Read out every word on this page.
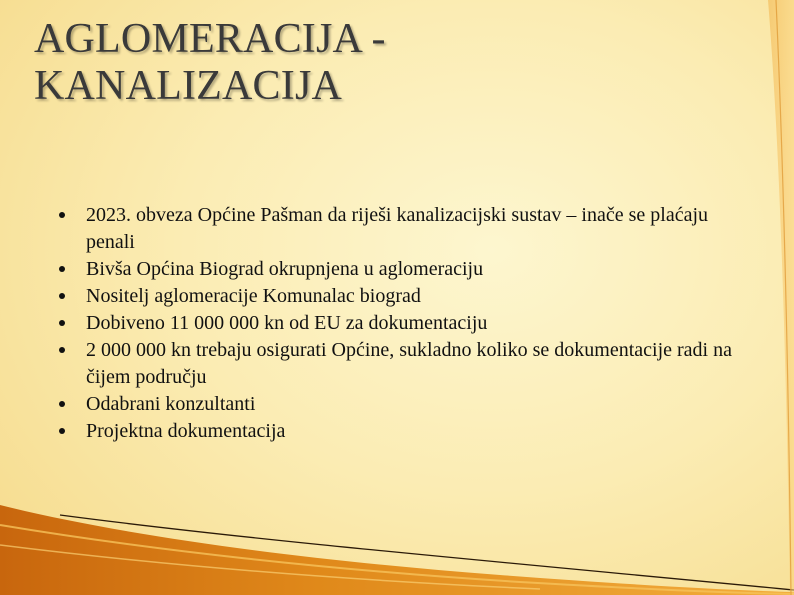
AGLOMERACIJA -
KANALIZACIJA
2023. obveza Općine Pašman da riješi kanalizacijski sustav – inače se plaćaju penali
Bivša Općina Biograd okrupnjena u aglomeraciju
Nositelj aglomeracije Komunalac biograd
Dobiveno 11 000 000 kn od EU za dokumentaciju
2 000 000 kn trebaju osigurati Općine, sukladno koliko se dokumentacije radi na čijem području
Odabrani konzultanti
Projektna dokumentacija
